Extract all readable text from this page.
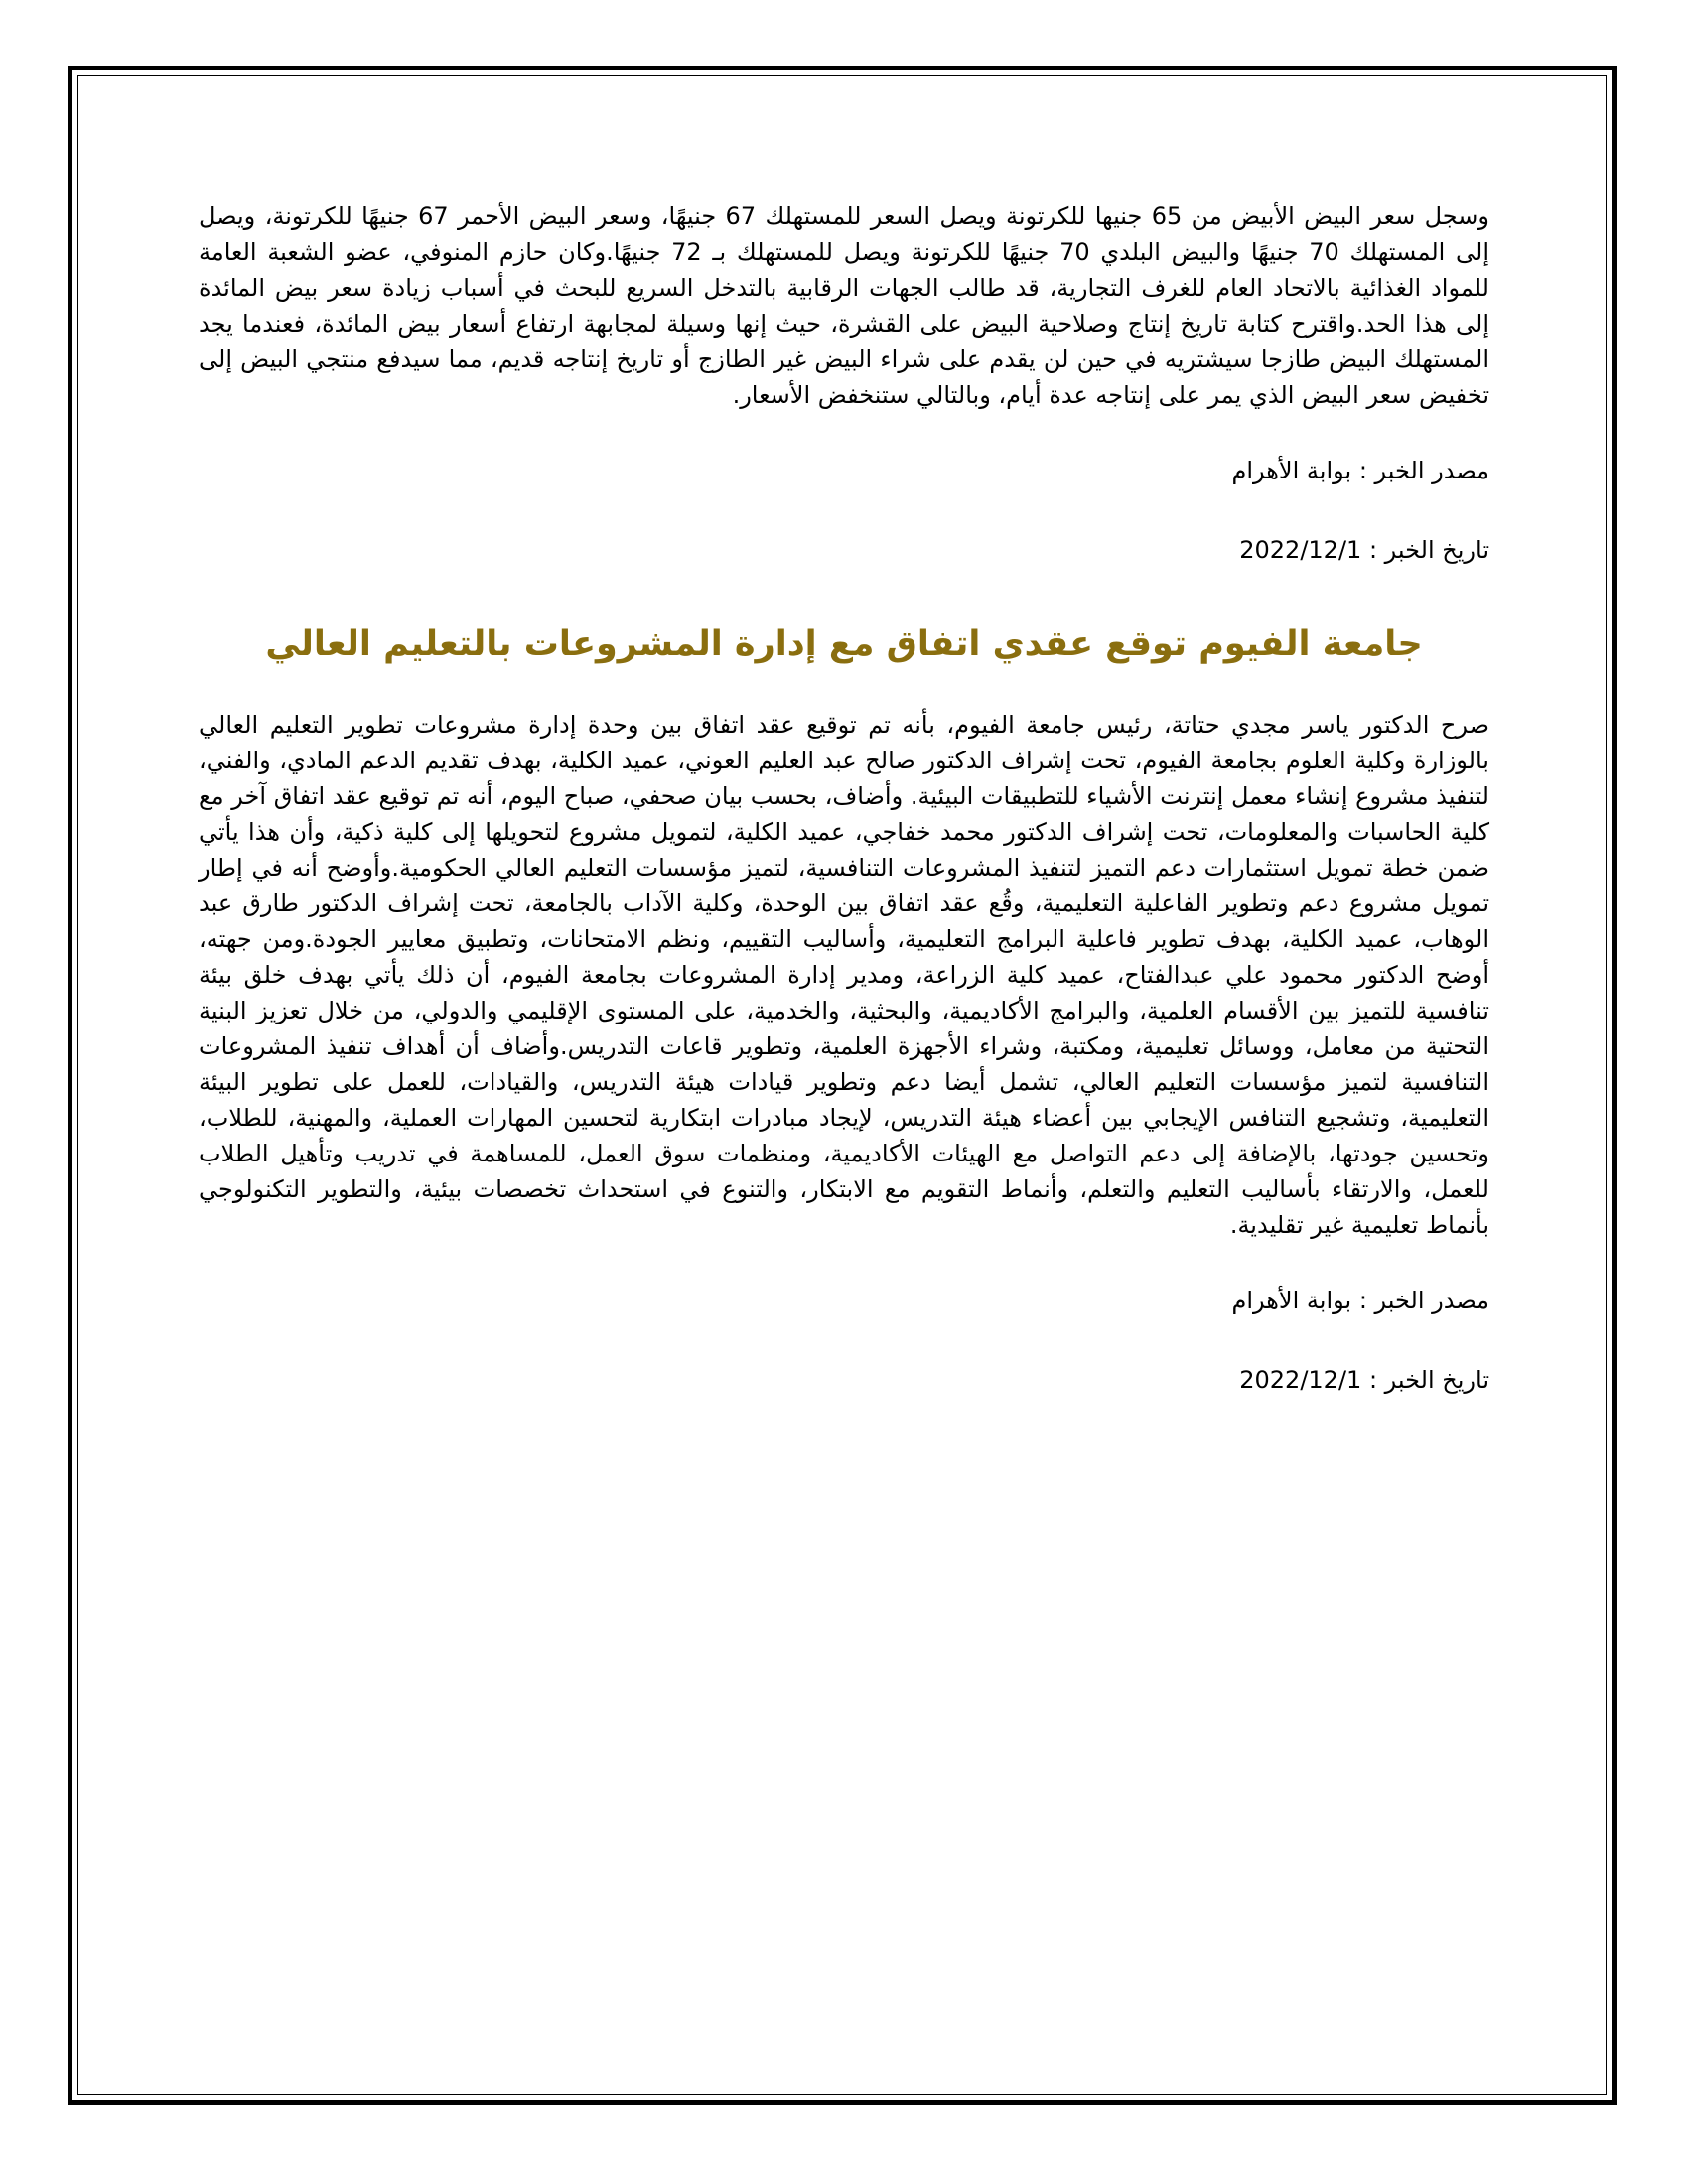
وسجل سعر البيض الأبيض من 65 جنيها للكرتونة ويصل السعر للمستهلك 67 جنيهًا، وسعر البيض الأحمر 67 جنيهًا للكرتونة، ويصل إلى المستهلك 70 جنيهًا والبيض البلدي 70 جنيهًا للكرتونة ويصل للمستهلك بـ 72 جنيهًا.وكان حازم المنوفي، عضو الشعبة العامة للمواد الغذائية بالاتحاد العام للغرف التجارية، قد طالب الجهات الرقابية بالتدخل السريع للبحث في أسباب زيادة سعر بيض المائدة إلى هذا الحد.واقترح كتابة تاريخ إنتاج وصلاحية البيض على القشرة، حيث إنها وسيلة لمجابهة ارتفاع أسعار بيض المائدة، فعندما يجد المستهلك البيض طازجا سيشتريه في حين لن يقدم على شراء البيض غير الطازج أو تاريخ إنتاجه قديم، مما سيدفع منتجي البيض إلى تخفيض سعر البيض الذي يمر على إنتاجه عدة أيام، وبالتالي ستنخفض الأسعار.

مصدر الخبر : بوابة الأهرام

تاريخ الخبر : 2022/12/1

جامعة الفيوم توقع عقدي اتفاق مع إدارة المشروعات بالتعليم العالي

صرح الدكتور ياسر مجدي حتاتة، رئيس جامعة الفيوم، بأنه تم توقيع عقد اتفاق بين وحدة إدارة مشروعات تطوير التعليم العالي بالوزارة وكلية العلوم بجامعة الفيوم، تحت إشراف الدكتور صالح عبد العليم العوني، عميد الكلية، بهدف تقديم الدعم المادي، والفني، لتنفيذ مشروع إنشاء معمل إنترنت الأشياء للتطبيقات البيئية. وأضاف، بحسب بيان صحفي، صباح اليوم، أنه تم توقيع عقد اتفاق آخر مع كلية الحاسبات والمعلومات، تحت إشراف الدكتور محمد خفاجي، عميد الكلية، لتمويل مشروع لتحويلها إلى كلية ذكية، وأن هذا يأتي ضمن خطة تمويل استثمارات دعم التميز لتنفيذ المشروعات التنافسية، لتميز مؤسسات التعليم العالي الحكومية.وأوضح أنه في إطار تمويل مشروع دعم وتطوير الفاعلية التعليمية، وقُع عقد اتفاق بين الوحدة، وكلية الآداب بالجامعة، تحت إشراف الدكتور طارق عبد الوهاب، عميد الكلية، بهدف تطوير فاعلية البرامج التعليمية، وأساليب التقييم، ونظم الامتحانات، وتطبيق معايير الجودة.ومن جهته، أوضح الدكتور محمود علي عبدالفتاح، عميد كلية الزراعة، ومدير إدارة المشروعات بجامعة الفيوم، أن ذلك يأتي بهدف خلق بيئة تنافسية للتميز بين الأقسام العلمية، والبرامج الأكاديمية، والبحثية، والخدمية، على المستوى الإقليمي والدولي، من خلال تعزيز البنية التحتية من معامل، ووسائل تعليمية، ومكتبة، وشراء الأجهزة العلمية، وتطوير قاعات التدريس.وأضاف أن أهداف تنفيذ المشروعات التنافسية لتميز مؤسسات التعليم العالي، تشمل أيضا دعم وتطوير قيادات هيئة التدريس، والقيادات، للعمل على تطوير البيئة التعليمية، وتشجيع التنافس الإيجابي بين أعضاء هيئة التدريس، لإيجاد مبادرات ابتكارية لتحسين المهارات العملية، والمهنية، للطلاب، وتحسين جودتها، بالإضافة إلى دعم التواصل مع الهيئات الأكاديمية، ومنظمات سوق العمل، للمساهمة في تدريب وتأهيل الطلاب للعمل، والارتقاء بأساليب التعليم والتعلم، وأنماط التقويم مع الابتكار، والتنوع في استحداث تخصصات بيئية، والتطوير التكنولوجي بأنماط تعليمية غير تقليدية.

مصدر الخبر : بوابة الأهرام

تاريخ الخبر : 2022/12/1
